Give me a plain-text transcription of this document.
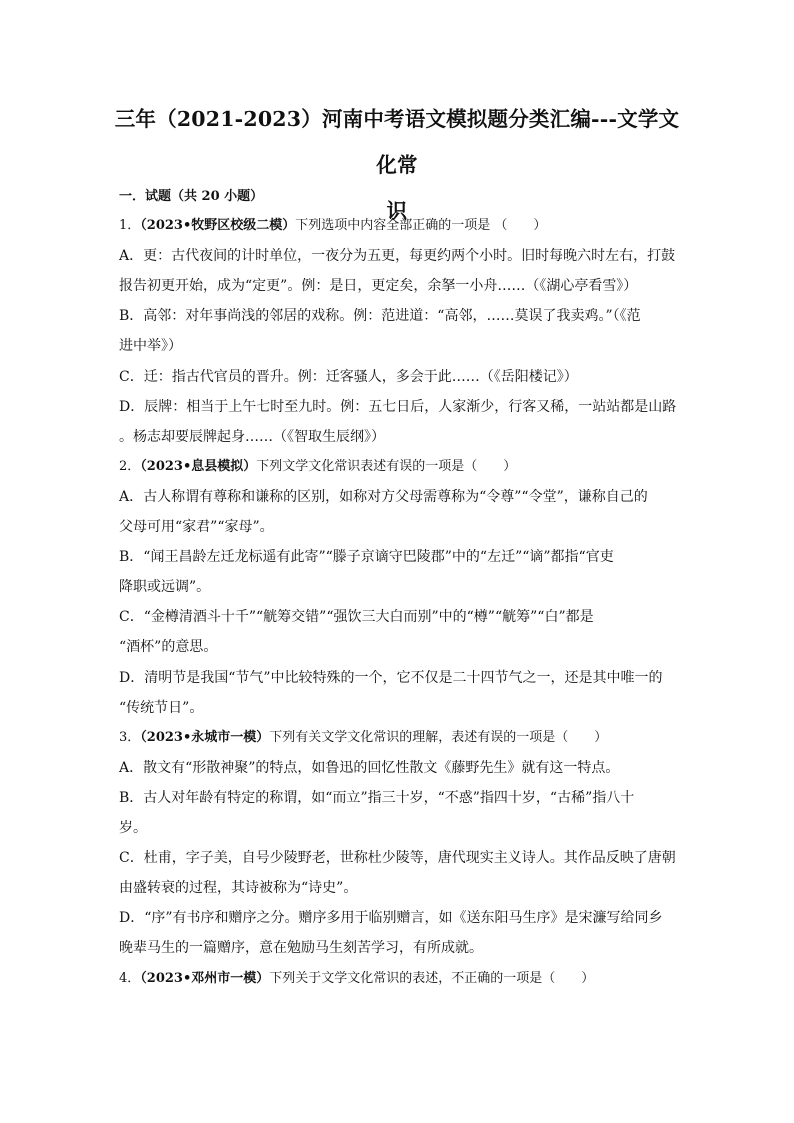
三年（2021-2023）河南中考语文模拟题分类汇编---文学文化常
识
一．试题（共 20 小题）
1．（2023•牧野区校级二模）下列选项中内容全部正确的一项是 （　　）
A．更：古代夜间的计时单位，一夜分为五更，每更约两个小时。旧时每晚六时左右，打鼓
报告初更开始，成为“定更”。例：是日，更定矣，余拏一小舟……（《湖心亭看雪》）
B．高邻：对年事尚浅的邻居的戏称。例：范进道：“高邻，……莫误了我卖鸡。”（《范
进中举》）
C．迁：指古代官员的晋升。例：迁客骚人，多会于此……（《岳阳楼记》）
D．辰牌：相当于上午七时至九时。例：五七日后，人家渐少，行客又稀，一站站都是山路
。杨志却要辰牌起身……（《智取生辰纲》）
2．（2023•息县模拟）下列文学文化常识表述有误的一项是（　　）
A．古人称谓有尊称和谦称的区别，如称对方父母需尊称为“令尊”“令堂”，谦称自己的
父母可用“家君”“家母”。
B．“闻王昌龄左迁龙标遥有此寄”“滕子京谪守巴陵郡”中的“左迁”“谪”都指“官吏
降职或远调”。
C．“金樽清酒斗十千”“觥筹交错”“强饮三大白而别”中的“樽”“觥筹”“白”都是
“酒杯”的意思。
D．清明节是我国“节气”中比较特殊的一个，它不仅是二十四节气之一，还是其中唯一的
“传统节日”。
3．（2023•永城市一模）下列有关文学文化常识的理解，表述有误的一项是（　　）
A．散文有“形散神聚”的特点，如鲁迅的回忆性散文《藤野先生》就有这一特点。
B．古人对年龄有特定的称谓，如“而立”指三十岁，“不惑”指四十岁，“古稀”指八十
岁。
C．杜甫，字子美，自号少陵野老，世称杜少陵等，唐代现实主义诗人。其作品反映了唐朝
由盛转衰的过程，其诗被称为“诗史”。
D．“序”有书序和赠序之分。赠序多用于临别赠言，如《送东阳马生序》是宋濂写给同乡
晚辈马生的一篇赠序，意在勉励马生刻苦学习，有所成就。
4．（2023•邓州市一模）下列关于文学文化常识的表述，不正确的一项是（　　）
